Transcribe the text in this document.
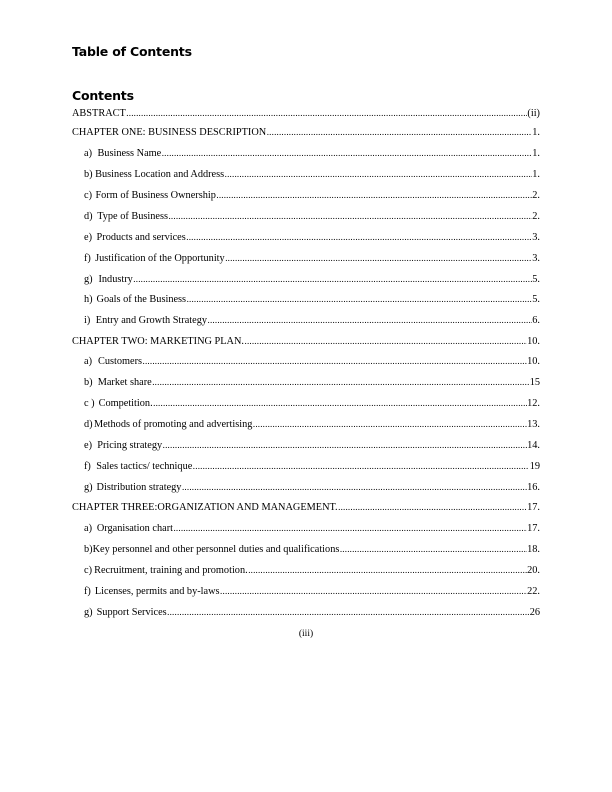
Table of Contents
Contents
ABSTRACT .....	(ii)
CHAPTER ONE: BUSINESS DESCRIPTION .....	1.
a) Business Name .....	1.
b) Business Location and Address .....	1.
c) Form of Business Ownership .....	2.
d) Type of Business .....	2.
e) Products and services .....	3.
f) Justification of the Opportunity .....	3.
g) Industry .....	5.
h) Goals of the Business .....	5.
i) Entry and Growth Strategy .....	6.
CHAPTER TWO: MARKETING PLAN. .....	10.
a) Customers .....	10.
b) Market share .....	15
c ) Competition. .....	12.
d) Methods of promoting and advertising .....	13.
e) Pricing strategy .....	14.
f) Sales tactics/ technique .....	19
g) Distribution strategy .....	16.
CHAPTER THREE:ORGANIZATION AND MANAGEMENT. .....	17.
a) Organisation chart .....	17.
b) Key personnel and other personnel duties and qualifications .....	18.
c) Recruitment, training and promotion. .....	20.
f) Licenses, permits and by-laws .....	22.
g) Support Services .....	26
(iii)
